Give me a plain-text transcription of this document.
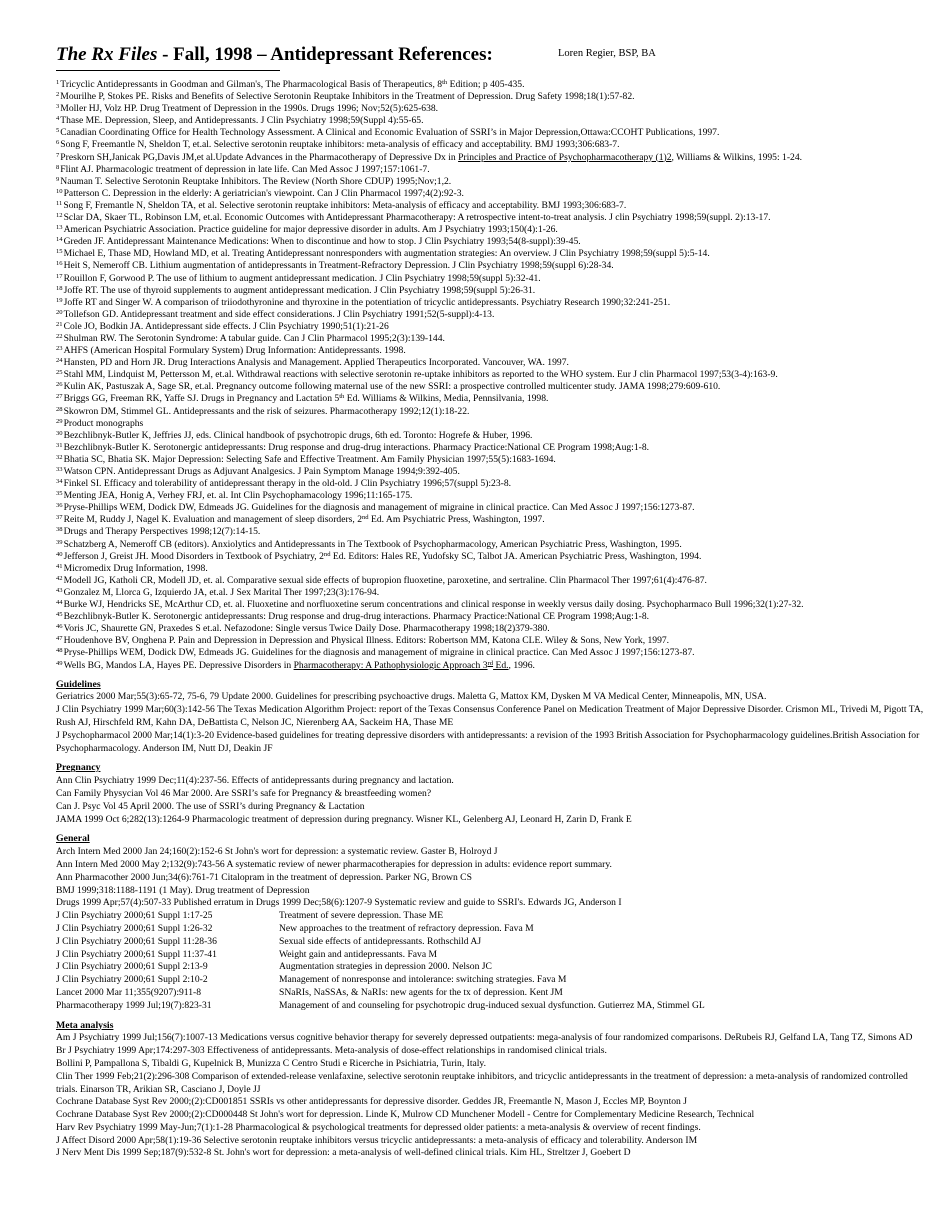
The Rx Files - Fall, 1998 – Antidepressant References:	Loren Regier, BSP, BA
$^1$Tricyclic Antidepressants in Goodman and Gilman's, The Pharmacological Basis of Therapeutics, 8th Edition; p 405-435.
$^2$Mourilhe P, Stokes PE. Risks and Benefits of Selective Serotonin Reuptake Inhibitors in the Treatment of Depression. Drug Safety 1998;18(1):57-82.
$^3$Moller HJ, Volz HP. Drug Treatment of Depression in the 1990s. Drugs 1996; Nov;52(5):625-638.
$^4$Thase ME. Depression, Sleep, and Antidepressants. J Clin Psychiatry 1998;59(Suppl 4):55-65.
$^5$Canadian Coordinating Office for Health Technology Assessment. A Clinical and Economic Evaluation of SSRI’s in Major Depression,Ottawa:CCOHT Publications, 1997.
$^6$Song F, Freemantle N, Sheldon T, et.al. Selective serotonin reuptake inhibitors: meta-analysis of efficacy and acceptability. BMJ 1993;306:683-7.
$^7$Preskorn SH,Janicak PG,Davis JM,et al.Update Advances in the Pharmacotherapy of Depressive Dx in Principles and Practice of Psychopharmacotherapy (1)2, Williams & Wilkins, 1995: 1-24.
$^8$Flint AJ. Pharmacologic treatment of depression in late life. Can Med Assoc J 1997;157:1061-7.
$^9$Nauman T. Selective Serotonin Reuptake Inhibitors. The Review (North Shore CDUP) 1995;Nov;1,2.
$^{10}$Patterson C. Depression in the elderly: A geriatrician's viewpoint. Can J Clin Pharmacol 1997;4(2):92-3.
$^{11}$Song F, Fremantle N, Sheldon TA, et al. Selective serotonin reuptake inhibitors: Meta-analysis of efficacy and acceptability. BMJ 1993;306:683-7.
$^{12}$Sclar DA, Skaer TL, Robinson LM, et.al. Economic Outcomes with Antidepressant Pharmacotherapy: A retrospective intent-to-treat analysis. J clin Psychiatry 1998;59(suppl. 2):13-17.
$^{13}$American Psychiatric Association. Practice guideline for major depressive disorder in adults. Am J Psychiatry 1993;150(4):1-26.
$^{14}$Greden JF. Antidepressant Maintenance Medications: When to discontinue and how to stop. J Clin Psychiatry 1993;54(8-suppl):39-45.
$^{15}$Michael E, Thase MD, Howland MD, et al. Treating Antidepressant nonresponders with augmentation strategies: An overview. J Clin Psychiatry 1998;59(suppl 5):5-14.
$^{16}$Heit S, Nemeroff CB. Lithium augmentation of antidepressants in Treatment-Refractory Depression. J Clin Psychiatry 1998;59(suppl 6):28-34.
$^{17}$Rouillon F, Gorwood P. The use of lithium to augment antidepressant medication. J Clin Psychiatry 1998;59(suppl 5):32-41.
$^{18}$Joffe RT. The use of thyroid supplements to augment antidepressant medication. J Clin Psychiatry 1998;59(suppl 5):26-31.
$^{19}$Joffe RT and Singer W. A comparison of triiodothyronine and thyroxine in the potentiation of tricyclic antidepressants. Psychiatry Research 1990;32:241-251.
$^{20}$Tollefson GD. Antidepressant treatment and side effect considerations. J Clin Psychiatry 1991;52(5-suppl):4-13.
$^{21}$Cole JO, Bodkin JA. Antidepressant side effects. J Clin Psychiatry 1990;51(1):21-26
$^{22}$Shulman RW. The Serotonin Syndrome: A tabular guide. Can J Clin Pharmacol 1995;2(3):139-144.
$^{23}$AHFS (American Hospital Formulary System) Drug Information: Antidepressants. 1998.
$^{24}$Hansten, PD and Horn JR. Drug Interactions Analysis and Management. Applied Therapeutics Incorporated. Vancouver, WA. 1997.
$^{25}$Stahl MM, Lindquist M, Pettersson M, et.al. Withdrawal reactions with selective serotonin re-uptake inhibitors as reported to the WHO system. Eur J clin Pharmacol 1997;53(3-4):163-9.
$^{26}$Kulin AK, Pastuszak A, Sage SR, et.al. Pregnancy outcome following maternal use of the new SSRI: a prospective controlled multicenter study. JAMA 1998;279:609-610.
$^{27}$Briggs GG, Freeman RK, Yaffe SJ. Drugs in Pregnancy and Lactation 5th Ed. Williams & Wilkins, Media, Pennsilvania, 1998.
$^{28}$Skowron DM, Stimmel GL. Antidepressants and the risk of seizures. Pharmacotherapy 1992;12(1):18-22.
$^{29}$Product monographs
$^{30}$Bezchlibnyk-Butler K, Jeffries JJ, eds. Clinical handbook of psychotropic drugs, 6th ed. Toronto: Hogrefe & Huber, 1996.
$^{31}$Bezchlibnyk-Butler K. Serotonergic antidepressants: Drug response and drug-drug interactions. Pharmacy Practice:National CE Program 1998;Aug:1-8.
$^{32}$Bhatia SC, Bhatia SK. Major Depression: Selecting Safe and Effective Treatment. Am Family Physician 1997;55(5):1683-1694.
$^{33}$Watson CPN. Antidepressant Drugs as Adjuvant Analgesics. J Pain Symptom Manage 1994;9:392-405.
$^{34}$Finkel SI. Efficacy and tolerability of antidepressant therapy in the old-old. J Clin Psychiatry 1996;57(suppl 5):23-8.
$^{35}$Menting JEA, Honig A, Verhey FRJ, et. al. Int Clin Psychophamacology 1996;11:165-175.
$^{36}$Pryse-Phillips WEM, Dodick DW, Edmeads JG. Guidelines for the diagnosis and management of migraine in clinical practice. Can Med Assoc J 1997;156:1273-87.
$^{37}$Reite M, Ruddy J, Nagel K. Evaluation and management of sleep disorders, 2nd Ed. Am Psychiatric Press, Washington, 1997.
$^{38}$Drugs and Therapy Perspectives 1998;12(7):14-15.
$^{39}$Schatzberg A, Nemeroff CB (editors). Anxiolytics and Antidepressants in The Textbook of Psychopharmacology, American Psychiatric Press, Washington, 1995.
$^{40}$Jefferson J, Greist JH. Mood Disorders in Textbook of Psychiatry, 2nd Ed. Editors: Hales RE, Yudofsky SC, Talbot JA. American Psychiatric Press, Washington, 1994.
$^{41}$Micromedix Drug Information, 1998.
$^{42}$Modell JG, Katholi CR, Modell JD, et. al. Comparative sexual side effects of bupropion fluoxetine, paroxetine, and sertraline. Clin Pharmacol Ther 1997;61(4):476-87.
$^{43}$Gonzalez M, Llorca G, Izquierdo JA, et.al. J Sex Marital Ther 1997;23(3):176-94.
$^{44}$Burke WJ, Hendricks SE, McArthur CD, et. al. Fluoxetine and norfluoxetine serum concentrations and clinical response in weekly versus daily dosing. Psychopharmaco Bull 1996;32(1):27-32.
$^{45}$Bezchlibnyk-Butler K. Serotonergic antidepressants: Drug response and drug-drug interactions. Pharmacy Practice:National CE Program 1998;Aug:1-8.
$^{46}$Voris JC, Shaurette GN, Praxedes S et.al. Nefazodone: Single versus Twice Daily Dose. Pharmacotherapy 1998;18(2)379-380.
$^{47}$Houdenhove BV, Onghena P. Pain and Depression in Depression and Physical Illness. Editors: Robertson MM, Katona CLE. Wiley & Sons, New York, 1997.
$^{48}$Pryse-Phillips WEM, Dodick DW, Edmeads JG. Guidelines for the diagnosis and management of migraine in clinical practice. Can Med Assoc J 1997;156:1273-87.
$^{49}$Wells BG, Mandos LA, Hayes PE. Depressive Disorders in Pharmacotherapy: A Pathophysiologic Approach 3rd Ed., 1996.
Guidelines

Geriatrics 2000 Mar;55(3):65-72, 75-6, 79 Update 2000. Guidelines for prescribing psychoactive drugs. Maletta G, Mattox KM, Dysken M VA Medical Center, Minneapolis, MN, USA.

J Clin Psychiatry 1999 Mar;60(3):142-56 The Texas Medication Algorithm Project: report of the Texas Consensus Conference Panel on Medication Treatment of Major Depressive Disorder. Crismon ML, Trivedi M, Pigott TA, Rush AJ, Hirschfeld RM, Kahn DA, DeBattista C, Nelson JC, Nierenberg AA, Sackeim HA, Thase ME

J Psychopharmacol 2000 Mar;14(1):3-20 Evidence-based guidelines for treating depressive disorders with antidepressants: a revision of the 1993 British Association for Psychopharmacology guidelines.British Association for Psychopharmacology. Anderson IM, Nutt DJ, Deakin JF

Pregnancy

Ann Clin Psychiatry 1999 Dec;11(4):237-56. Effects of antidepressants during pregnancy and lactation.

Can Family Physycian Vol 46 Mar 2000. Are SSRI’s safe for Pregnancy & breastfeeding women?

Can J. Psyc Vol 45 April 2000. The use of SSRI’s during Pregnancy & Lactation

JAMA 1999 Oct 6;282(13):1264-9 Pharmacologic treatment of depression during pregnancy. Wisner KL, Gelenberg AJ, Leonard H, Zarin D, Frank E

General

Arch Intern Med 2000 Jan 24;160(2):152-6 St John's wort for depression: a systematic review. Gaster B, Holroyd J

Ann Intern Med 2000 May 2;132(9):743-56 A systematic review of newer pharmacotherapies for depression in adults: evidence report summary.

Ann Pharmacother 2000 Jun;34(6):761-71 Citalopram in the treatment of depression. Parker NG, Brown CS

BMJ 1999;318:1188-1191 (1 May). Drug treatment of Depression

Drugs 1999 Apr;57(4):507-33 Published erratum in Drugs 1999 Dec;58(6):1207-9 Systematic review and guide to SSRI's. Edwards JG, Anderson I

J Clin Psychiatry 2000;61 Suppl 1:17-25	Treatment of severe depression. Thase ME
J Clin Psychiatry 2000;61 Suppl 1:26-32	New approaches to the treatment of refractory depression. Fava M
J Clin Psychiatry 2000;61 Suppl 11:28-36	Sexual side effects of antidepressants. Rothschild AJ
J Clin Psychiatry 2000;61 Suppl 11:37-41	Weight gain and antidepressants. Fava M
J Clin Psychiatry 2000;61 Suppl 2:13-9	Augmentation strategies in depression 2000. Nelson JC
J Clin Psychiatry 2000;61 Suppl 2:10-2	Management of nonresponse and intolerance: switching strategies. Fava M
Lancet 2000 Mar 11;355(9207):911-8	SNaRIs, NaSSAs, & NaRIs: new agents for the tx of depression. Kent JM
Pharmacotherapy 1999 Jul;19(7):823-31	Management of and counseling for psychotropic drug-induced sexual dysfunction. Gutierrez MA, Stimmel GL
Meta analysis

Am J Psychiatry 1999 Jul;156(7):1007-13 Medications versus cognitive behavior therapy for severely depressed outpatients: mega-analysis of four randomized comparisons. DeRubeis RJ, Gelfand LA, Tang TZ, Simons AD

Br J Psychiatry 1999 Apr;174:297-303 Effectiveness of antidepressants. Meta-analysis of dose-effect relationships in randomised clinical trials.

Bollini P, Pampallona S, Tibaldi G, Kupelnick B, Munizza C Centro Studi e Ricerche in Psichiatria, Turin, Italy.

Clin Ther 1999 Feb;21(2):296-308 Comparison of extended-release venlafaxine, selective serotonin reuptake inhibitors, and tricyclic antidepressants in the treatment of depression: a meta-analysis of randomized controlled trials. Einarson TR, Arikian SR, Casciano J, Doyle JJ

Cochrane Database Syst Rev 2000;(2):CD001851 SSRIs vs other antidepressants for depressive disorder. Geddes JR, Freemantle N, Mason J, Eccles MP, Boynton J

Cochrane Database Syst Rev 2000;(2):CD000448 St John's wort for depression. Linde K, Mulrow CD Munchener Modell - Centre for Complementary Medicine Research, Technical

Harv Rev Psychiatry 1999 May-Jun;7(1):1-28 Pharmacological & psychological treatments for depressed older patients: a meta-analysis & overview of recent findings.

J Affect Disord 2000 Apr;58(1):19-36 Selective serotonin reuptake inhibitors versus tricyclic antidepressants: a meta-analysis of efficacy and tolerability. Anderson IM

J Nerv Ment Dis 1999 Sep;187(9):532-8 St. John's wort for depression: a meta-analysis of well-defined clinical trials. Kim HL, Streltzer J, Goebert D
